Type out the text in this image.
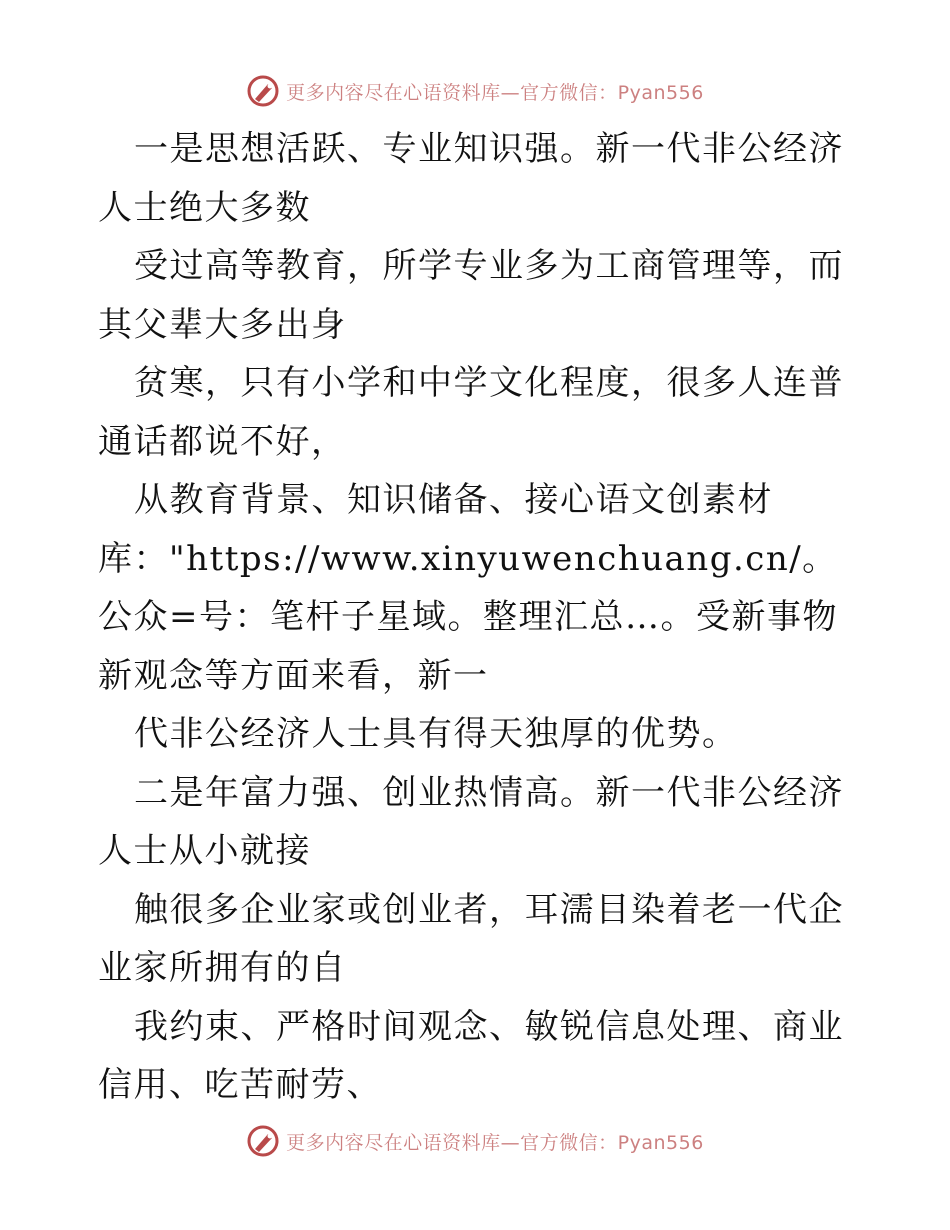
更多内容尽在心语资料库—官方微信：Pyan556

一是思想活跃、专业知识强。新一代非公经济人士绝大多数

受过高等教育，所学专业多为工商管理等，而其父辈大多出身

贫寒，只有小学和中学文化程度，很多人连普通话都说不好，

从教育背景、知识储备、接心语文创素材库："https://www.xinyuwenchuang.cn/。公众=号：笔杆子星域。整理汇总…。受新事物新观念等方面来看，新一

代非公经济人士具有得天独厚的优势。

二是年富力强、创业热情高。新一代非公经济人士从小就接

触很多企业家或创业者，耳濡目染着老一代企业家所拥有的自

我约束、严格时间观念、敏锐信息处理、商业信用、吃苦耐劳、

更多内容尽在心语资料库—官方微信：Pyan556
